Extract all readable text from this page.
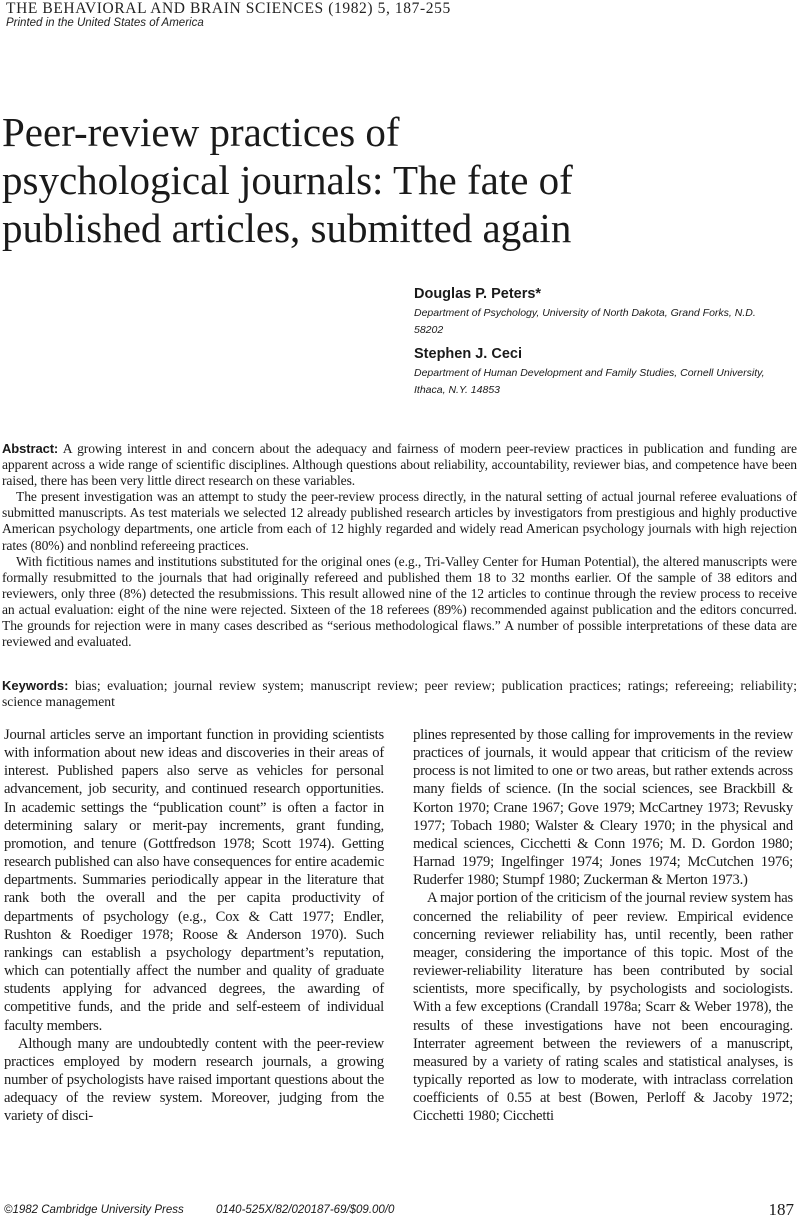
THE BEHAVIORAL AND BRAIN SCIENCES (1982) 5, 187-255
Printed in the United States of America
Peer-review practices of
psychological journals: The fate of
published articles, submitted again
Douglas P. Peters*
Department of Psychology, University of North Dakota, Grand Forks, N.D.
58202
Stephen J. Ceci
Department of Human Development and Family Studies, Cornell University,
Ithaca, N.Y. 14853

Abstract: A growing interest in and concern about the adequacy and fairness of modern peer-review practices in publication and funding are apparent across a wide range of scientific disciplines. Although questions about reliability, accountability, reviewer bias, and competence have been raised, there has been very little direct research on these variables.

The present investigation was an attempt to study the peer-review process directly, in the natural setting of actual journal referee evaluations of submitted manuscripts. As test materials we selected 12 already published research articles by investigators from prestigious and highly productive American psychology departments, one article from each of 12 highly regarded and widely read American psychology journals with high rejection rates (80%) and nonblind refereeing practices.

With fictitious names and institutions substituted for the original ones (e.g., Tri-Valley Center for Human Potential), the altered manuscripts were formally resubmitted to the journals that had originally refereed and published them 18 to 32 months earlier. Of the sample of 38 editors and reviewers, only three (8%) detected the resubmissions. This result allowed nine of the 12 articles to continue through the review process to receive an actual evaluation: eight of the nine were rejected. Sixteen of the 18 referees (89%) recommended against publication and the editors concurred. The grounds for rejection were in many cases described as “serious methodological flaws.” A number of possible interpretations of these data are reviewed and evaluated.

Keywords: bias; evaluation; journal review system; manuscript review; peer review; publication practices; ratings; refereeing; reliability; science management

Journal articles serve an important function in providing scientists with information about new ideas and discoveries in their areas of interest. Published papers also serve as vehicles for personal advancement, job security, and continued research opportunities. In academic settings the “publication count” is often a factor in determining salary or merit-pay increments, grant funding, promotion, and tenure (Gottfredson 1978; Scott 1974). Getting research published can also have consequences for entire academic departments. Summaries periodically appear in the literature that rank both the overall and the per capita productivity of departments of psychology (e.g., Cox & Catt 1977; Endler, Rushton & Roediger 1978; Roose & Anderson 1970). Such rankings can establish a psychology department’s reputation, which can potentially affect the number and quality of graduate students applying for advanced degrees, the awarding of competitive funds, and the pride and self-esteem of individual faculty members.

Although many are undoubtedly content with the peer-review practices employed by modern research journals, a growing number of psychologists have raised important questions about the adequacy of the review system. Moreover, judging from the variety of disci-

plines represented by those calling for improvements in the review practices of journals, it would appear that criticism of the review process is not limited to one or two areas, but rather extends across many fields of science. (In the social sciences, see Brackbill & Korton 1970; Crane 1967; Gove 1979; McCartney 1973; Revusky 1977; Tobach 1980; Walster & Cleary 1970; in the physical and medical sciences, Cicchetti & Conn 1976; M. D. Gordon 1980; Harnad 1979; Ingelfinger 1974; Jones 1974; McCutchen 1976; Ruderfer 1980; Stumpf 1980; Zuckerman & Merton 1973.)

A major portion of the criticism of the journal review system has concerned the reliability of peer review. Empirical evidence concerning reviewer reliability has, until recently, been rather meager, considering the importance of this topic. Most of the reviewer-reliability literature has been contributed by social scientists, more specifically, by psychologists and sociologists. With a few exceptions (Crandall 1978a; Scarr & Weber 1978), the results of these investigations have not been encouraging. Interrater agreement between the reviewers of a manuscript, measured by a variety of rating scales and statistical analyses, is typically reported as low to moderate, with intraclass correlation coefficients of 0.55 at best (Bowen, Perloff & Jacoby 1972; Cicchetti 1980; Cicchetti

©1982 Cambridge University Press	0140-525X/82/020187-69/$09.00/0	187
